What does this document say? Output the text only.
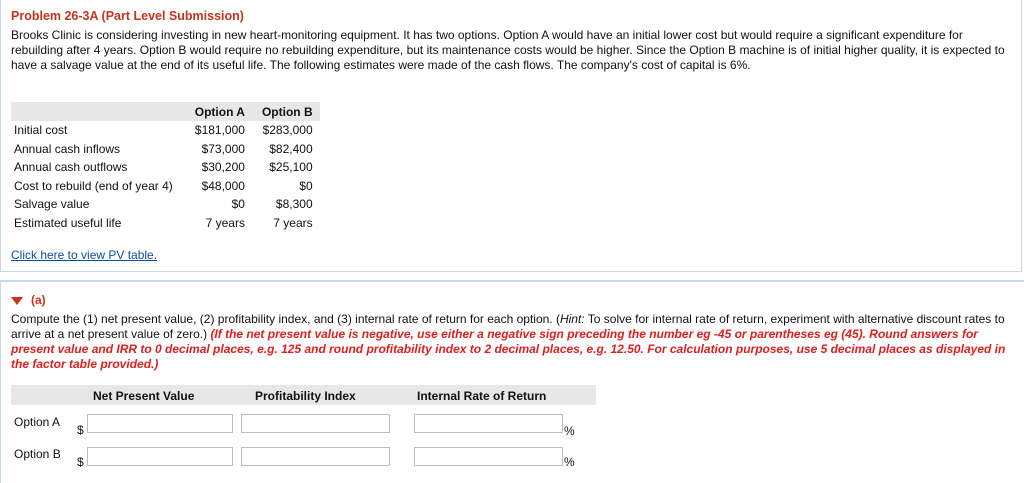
Problem 26-3A (Part Level Submission)
Brooks Clinic is considering investing in new heart-monitoring equipment. It has two options. Option A would have an initial lower cost but would require a significant expenditure for rebuilding after 4 years. Option B would require no rebuilding expenditure, but its maintenance costs would be higher. Since the Option B machine is of initial higher quality, it is expected to have a salvage value at the end of its useful life. The following estimates were made of the cash flows. The company's cost of capital is 6%.
	Option A	Option B
Initial cost	$181,000	$283,000
Annual cash inflows	$73,000	$82,400
Annual cash outflows	$30,200	$25,100
Cost to rebuild (end of year 4)	$48,000	$0
Salvage value	$0	$8,300
Estimated useful life	7 years	7 years
Click here to view PV table.
(a)
Compute the (1) net present value, (2) profitability index, and (3) internal rate of return for each option. (Hint: To solve for internal rate of return, experiment with alternative discount rates to arrive at a net present value of zero.) (If the net present value is negative, use either a negative sign preceding the number eg -45 or parentheses eg (45). Round answers for present value and IRR to 0 decimal places, e.g. 125 and round profitability index to 2 decimal places, e.g. 12.50. For calculation purposes, use 5 decimal places as displayed in the factor table provided.)
Net Present Value	Profitability Index	Internal Rate of Return
Option A
$	%
Option B
$	%
